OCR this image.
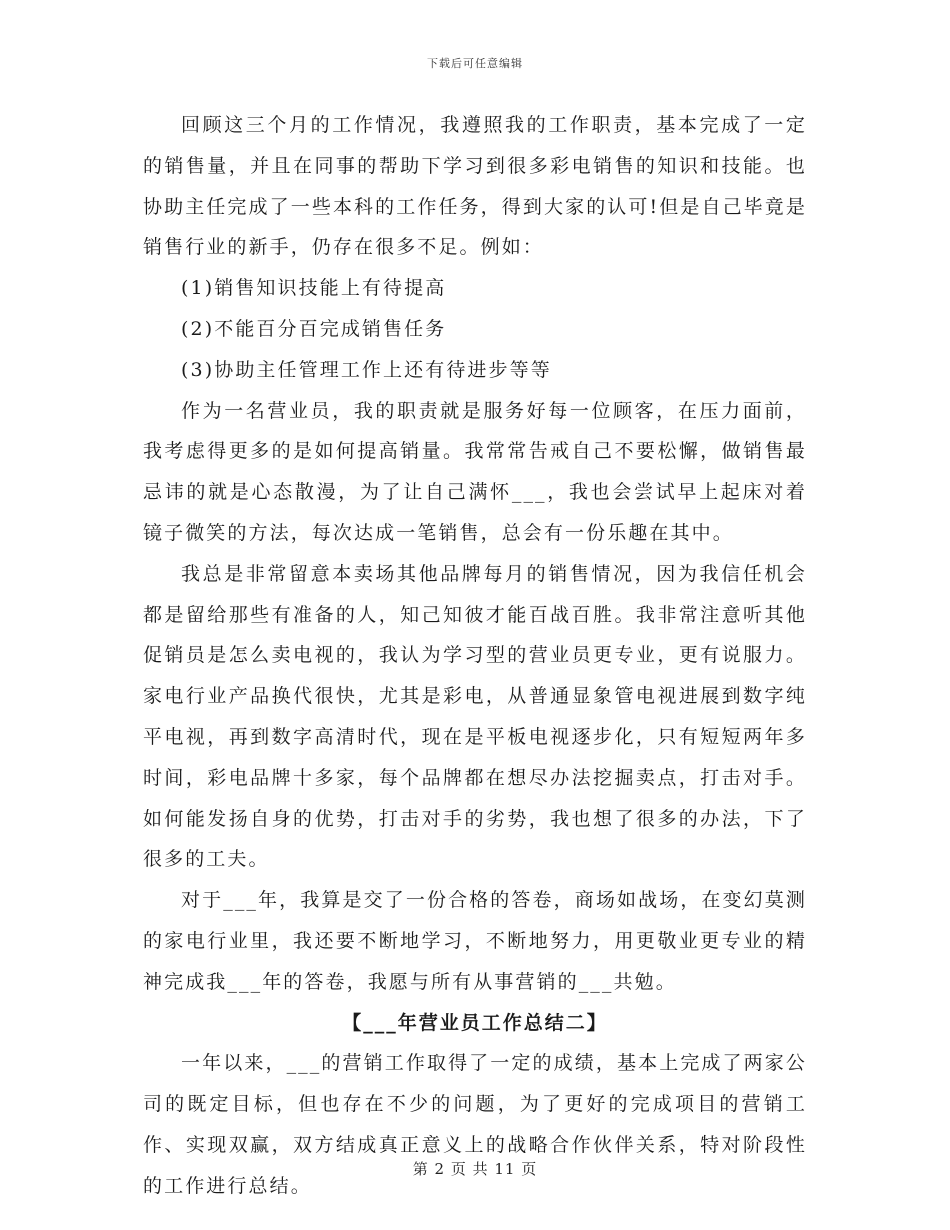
下载后可任意编辑

回顾这三个月的工作情况，我遵照我的工作职责，基本完成了一定的销售量，并且在同事的帮助下学习到很多彩电销售的知识和技能。也协助主任完成了一些本科的工作任务，得到大家的认可!但是自己毕竟是销售行业的新手，仍存在很多不足。例如：

(1)销售知识技能上有待提高

(2)不能百分百完成销售任务

(3)协助主任管理工作上还有待进步等等

作为一名营业员，我的职责就是服务好每一位顾客，在压力面前，我考虑得更多的是如何提高销量。我常常告戒自己不要松懈，做销售最忌讳的就是心态散漫，为了让自己满怀___，我也会尝试早上起床对着镜子微笑的方法，每次达成一笔销售，总会有一份乐趣在其中。

我总是非常留意本卖场其他品牌每月的销售情况，因为我信任机会都是留给那些有准备的人，知己知彼才能百战百胜。我非常注意听其他促销员是怎么卖电视的，我认为学习型的营业员更专业，更有说服力。家电行业产品换代很快，尤其是彩电，从普通显象管电视进展到数字纯平电视，再到数字高清时代，现在是平板电视逐步化，只有短短两年多时间，彩电品牌十多家，每个品牌都在想尽办法挖掘卖点，打击对手。如何能发扬自身的优势，打击对手的劣势，我也想了很多的办法，下了很多的工夫。

对于___年，我算是交了一份合格的答卷，商场如战场，在变幻莫测的家电行业里，我还要不断地学习，不断地努力，用更敬业更专业的精神完成我___年的答卷，我愿与所有从事营销的___共勉。

【___年营业员工作总结二】

一年以来，___的营销工作取得了一定的成绩，基本上完成了两家公司的既定目标，但也存在不少的问题，为了更好的完成项目的营销工作、实现双赢，双方结成真正意义上的战略合作伙伴关系，特对阶段性的工作进行总结。

第 2 页 共 11 页
